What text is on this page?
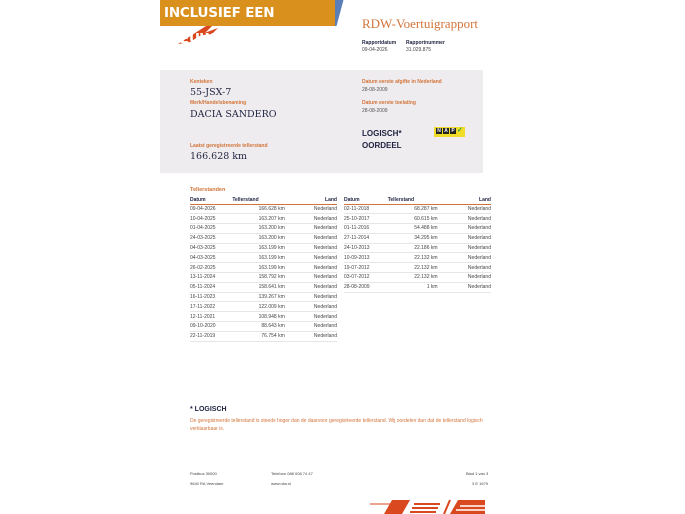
INCLUSIEF EEN NIEUWE APK
RDW-Voertuigrapport
Rapportdatum
09-04-2026
Rapportnummer
31.029.875
Kenteken
55-JSX-7
Merk/Handelsbenaming
DACIA SANDERO
Laatst geregistreerde tellerstand
166.628 km
Datum eerste afgifte in Nederland
28-08-2009
Datum eerste toelating
28-08-2009
LOGISCH*
OORDEEL
N A P ✓
Tellerstanden
Datum	Tellerstand	Land
09-04-2026	166.628 km	Nederland
10-04-2025	163.207 km	Nederland
01-04-2025	163.200 km	Nederland
24-03-2025	163.200 km	Nederland
04-03-2025	163.199 km	Nederland
04-03-2025	163.199 km	Nederland
26-02-2025	163.199 km	Nederland
13-11-2024	158.792 km	Nederland
05-11-2024	158.641 km	Nederland
16-11-2023	139.267 km	Nederland
17-11-2022	122.009 km	Nederland
12-11-2021	108.948 km	Nederland
09-10-2020	88.643 km	Nederland
22-11-2019	76.754 km	Nederland
Datum	Tellerstand	Land
02-11-2018	68.287 km	Nederland
25-10-2017	60.615 km	Nederland
01-11-2016	54.488 km	Nederland
27-11-2014	34.295 km	Nederland
24-10-2013	22.186 km	Nederland
10-09-2013	22.132 km	Nederland
19-07-2012	22.132 km	Nederland
03-07-2012	22.132 km	Nederland
28-08-2009	1 km	Nederland
* LOGISCH
De geregistreerde tellerstand is steeds hoger dan de daarvoor geregistreerde tellerstand. Wij oordelen dan dat de tellerstand logisch verklaarbaar is.
Postbus 30000
9640 RA Veendam
Telefoon 088 008 74 47
www.rdw.nl
Blad 1 van 3
3 E 1679
